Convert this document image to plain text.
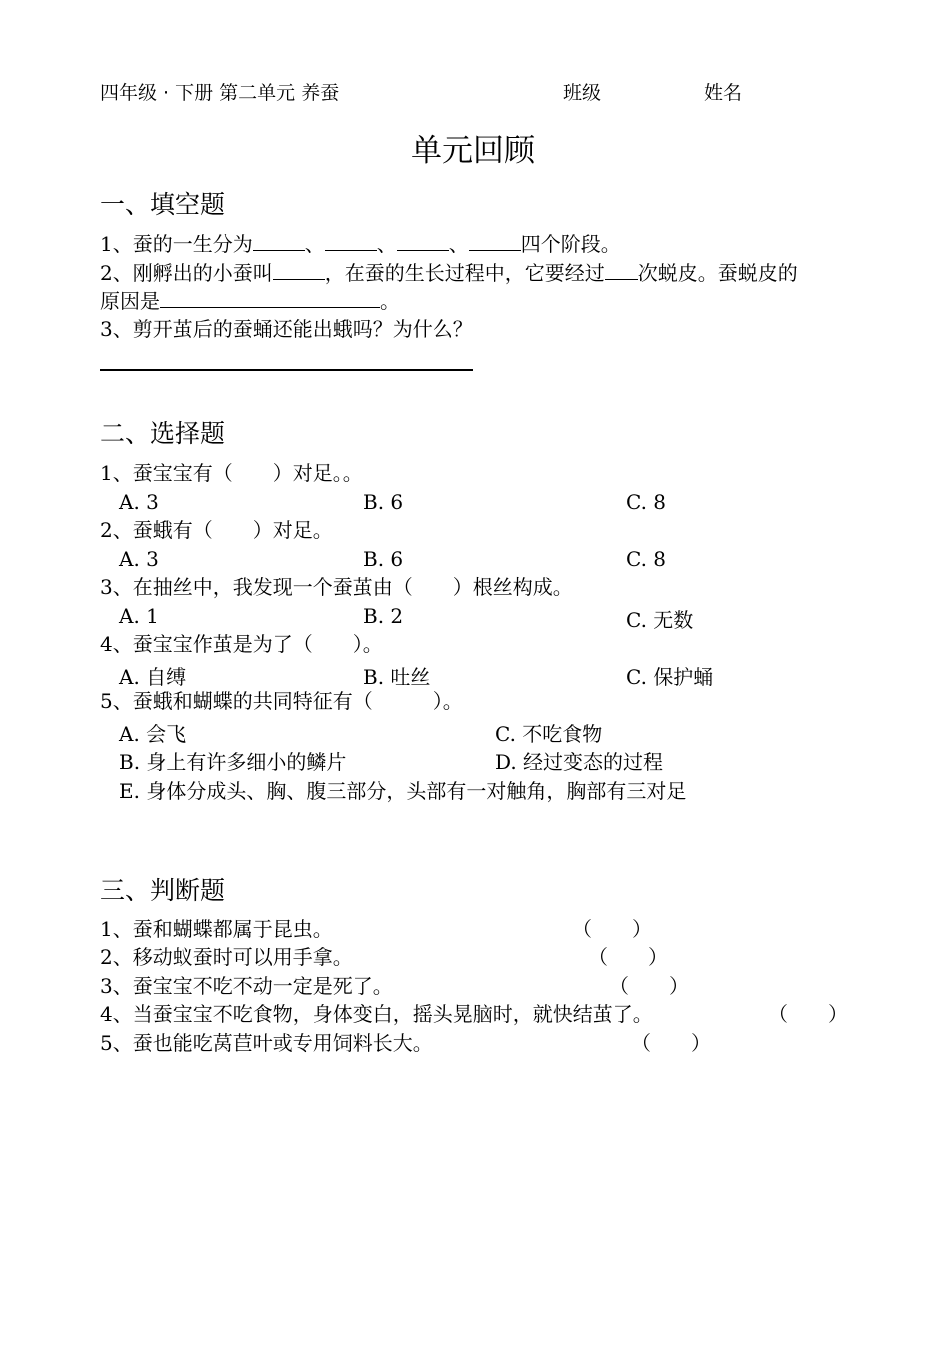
四年级 · 下册 第二单元 养蚕	班级	姓名
单元回顾
一、填空题
1、蚕的一生分为	、	、	、	四个阶段。
2、刚孵出的小蚕叫	，在蚕的生长过程中，它要经过 次蜕皮。蚕蜕皮的
原因是	。
3、剪开茧后的蚕蛹还能出蛾吗？为什么？
二、选择题
1、蚕宝宝有（　　）对足。。
A. 3	B. 6	C. 8
2、蚕蛾有（　　）对足。
A. 3	B. 6	C. 8
3、在抽丝中，我发现一个蚕茧由（　　）根丝构成。
A. 1	B. 2	C. 无数
4、蚕宝宝作茧是为了（　　）。
A. 自缚	B. 吐丝	C. 保护蛹
5、蚕蛾和蝴蝶的共同特征有（　　　）。
A. 会飞	C. 不吃食物
B. 身上有许多细小的鳞片	D. 经过变态的过程
E. 身体分成头、胸、腹三部分，头部有一对触角，胸部有三对足
三、判断题
1、蚕和蝴蝶都属于昆虫。	（　　）
2、移动蚁蚕时可以用手拿。	（　　）
3、蚕宝宝不吃不动一定是死了。	（　　）
4、当蚕宝宝不吃食物，身体变白，摇头晃脑时，就快结茧了。	（　　）
5、蚕也能吃莴苣叶或专用饲料长大。	（　　）
